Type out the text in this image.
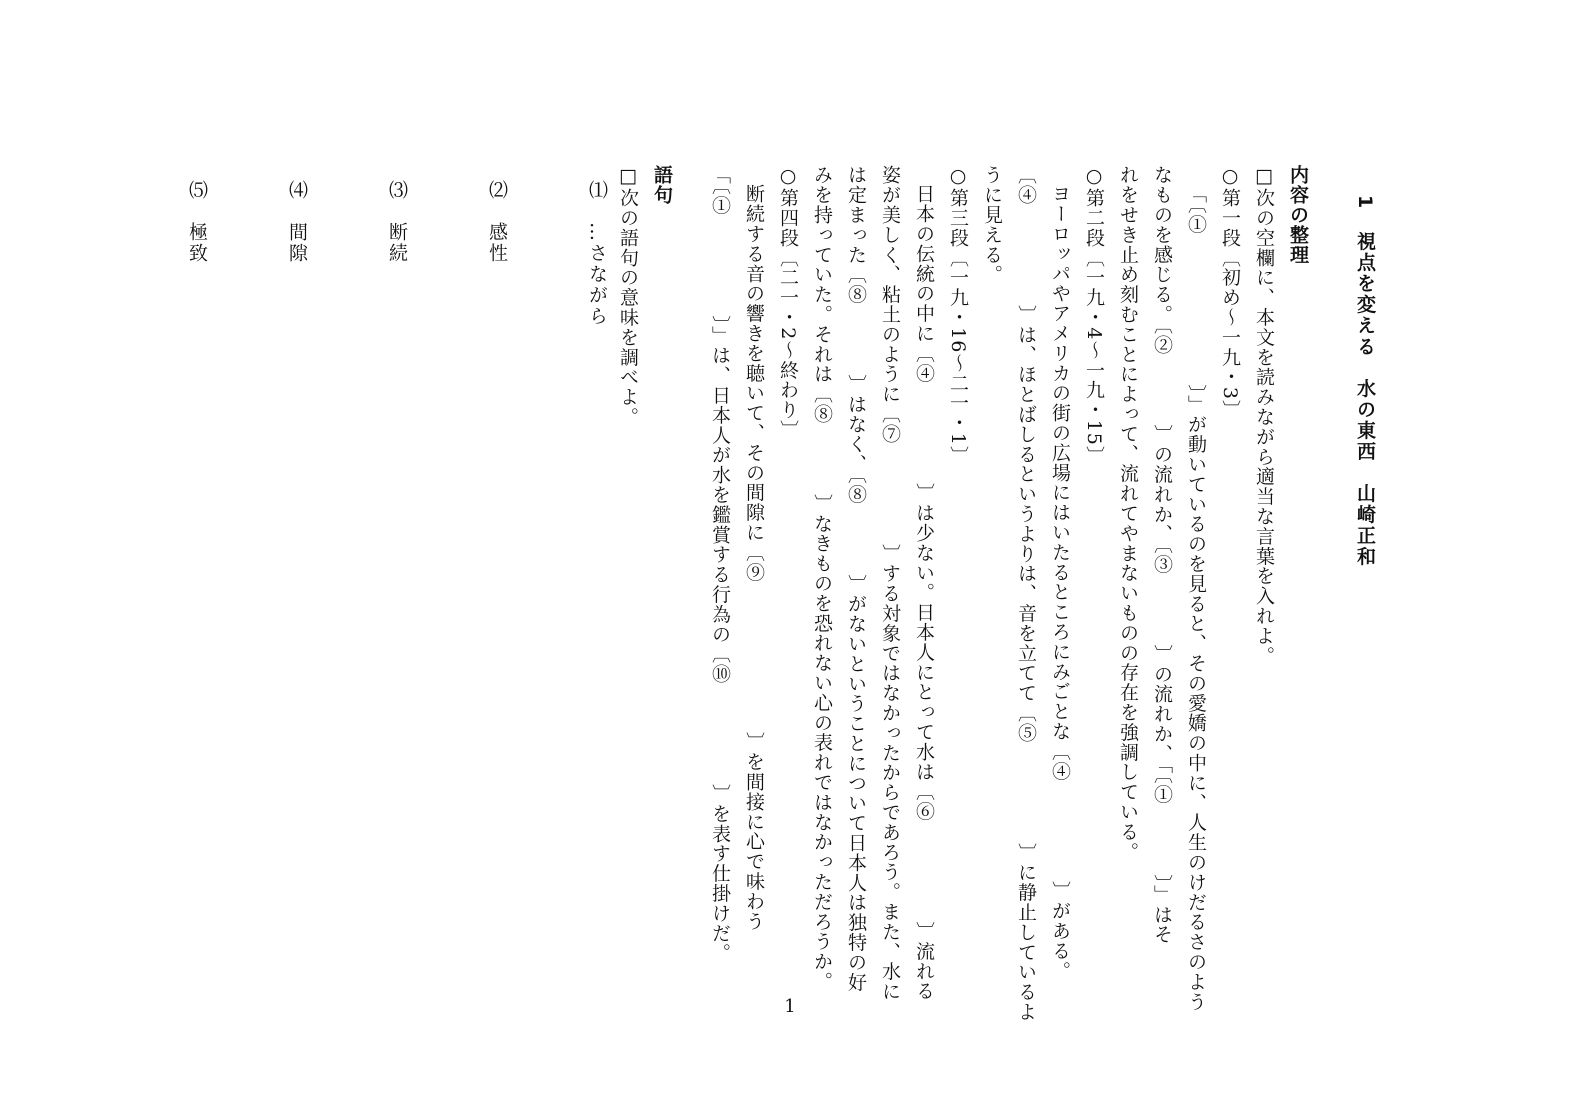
1　視点を変える　水の東西　山崎正和
内容の整理
□次の空欄に、本文を読みながら適当な言葉を入れよ。
○第一段〔初め〜一九・3〕
「〔①〕」が動いているのを見ると、その愛嬌の中に、人生のけだるさのよう
なものを感じる。〔②〕の流れか、〔③〕の流れか、「〔①〕」はそ
れをせき止め刻むことによって、流れてやまないものの存在を強調している。
○第二段〔一九・4〜一九・15〕
ヨーロッパやアメリカの街の広場にはいたるところにみごとな〔④〕がある。
〔④〕は、ほとばしるというよりは、音を立てて〔⑤〕に静止しているよ
うに見える。
○第三段〔一九・16〜二一・1〕
日本の伝統の中に〔④〕は少ない。日本人にとって水は〔⑥〕流れる
姿が美しく、粘土のように〔⑦〕する対象ではなかったからであろう。また、水に
は定まった〔⑧〕はなく、〔⑧〕がないということについて日本人は独特の好
みを持っていた。それは〔⑧〕なきものを恐れない心の表れではなかっただろうか。
○第四段〔二一・2〜終わり〕
断続する音の響きを聴いて、その間隙に〔⑨〕を間接に心で味わう
「〔①〕」は、日本人が水を鑑賞する行為の〔⑩〕を表す仕掛けだ。
語句
□次の語句の意味を調べよ。
⑴　…さながら
⑵　感性
⑶　断続
⑷　間隙
⑸　極致
1
